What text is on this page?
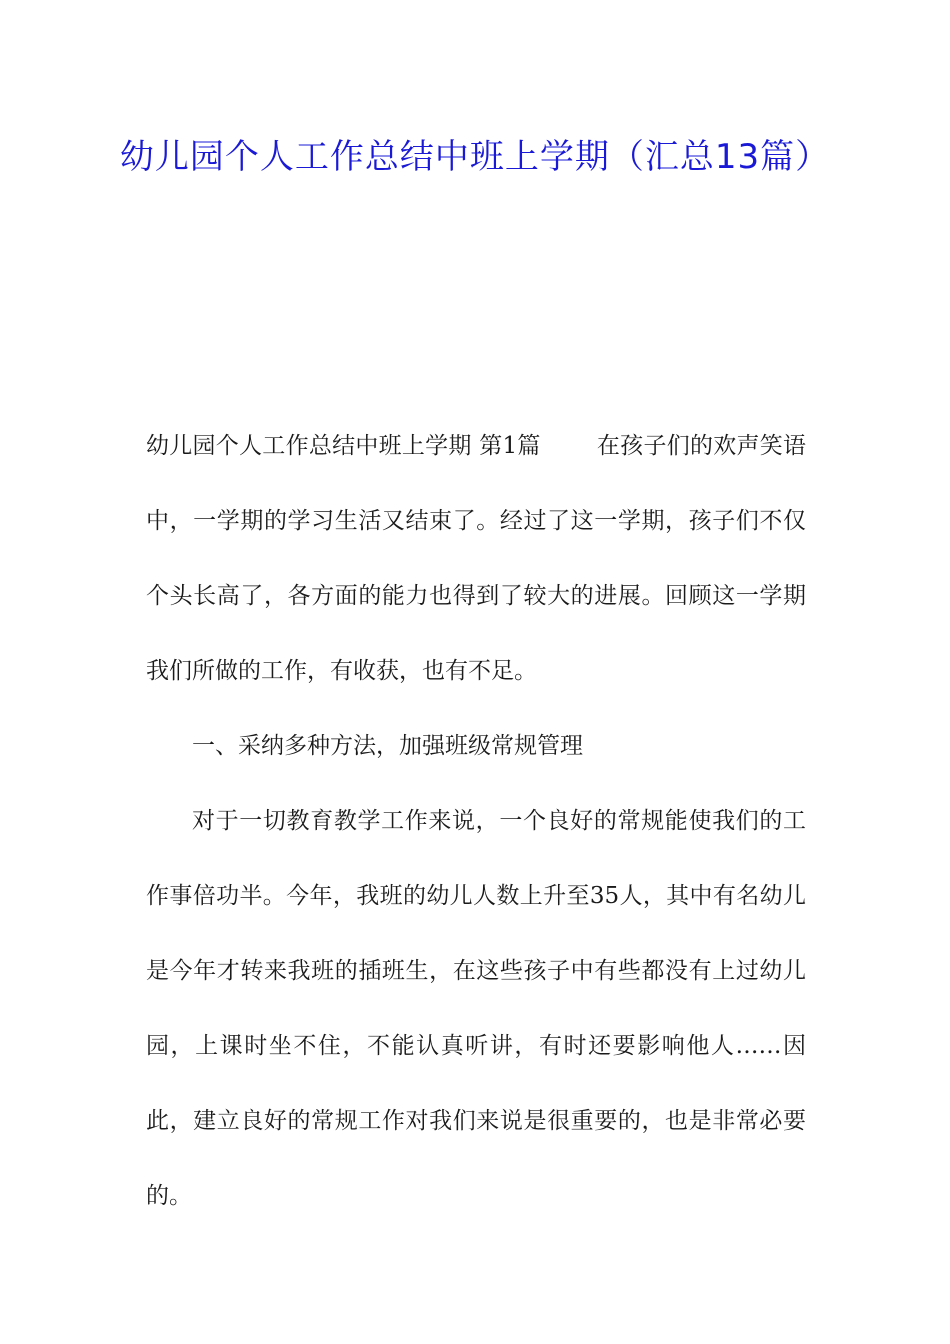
幼儿园个人工作总结中班上学期（汇总13篇）

幼儿园个人工作总结中班上学期 第1篇 在孩子们的欢声笑语中，一学期的学习生活又结束了。经过了这一学期，孩子们不仅个头长高了，各方面的能力也得到了较大的进展。回顾这一学期我们所做的工作，有收获，也有不足。

一、采纳多种方法，加强班级常规管理

对于一切教育教学工作来说，一个良好的常规能使我们的工作事倍功半。今年，我班的幼儿人数上升至35人，其中有名幼儿是今年才转来我班的插班生，在这些孩子中有些都没有上过幼儿园，上课时坐不住，不能认真听讲，有时还要影响他人……因此，建立良好的常规工作对我们来说是很重要的，也是非常必要的。
